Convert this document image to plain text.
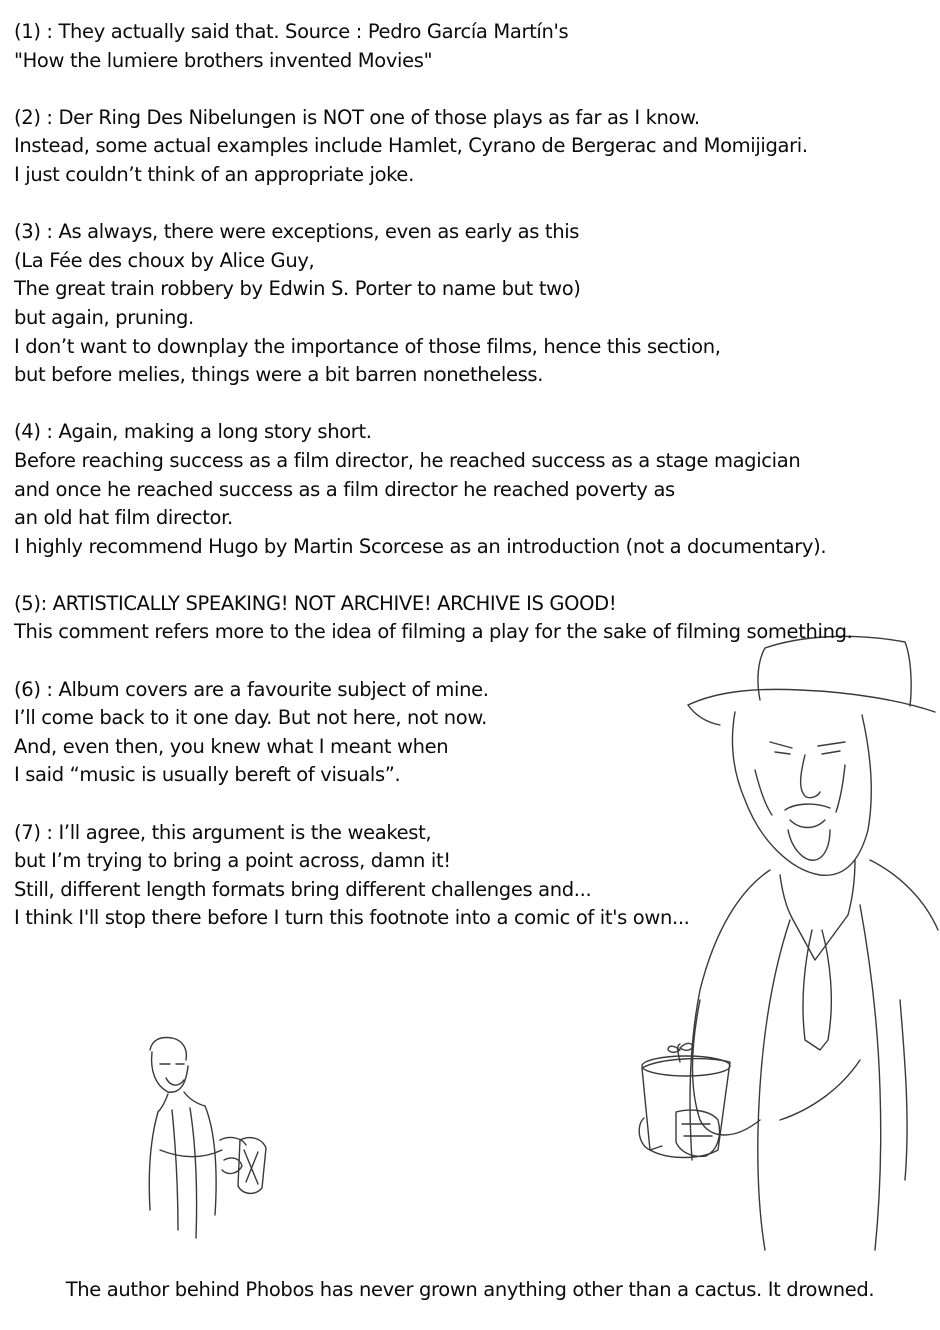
(1) : They actually said that. Source : Pedro García Martín's
"How the lumiere brothers invented Movies"
(2) : Der Ring Des Nibelungen is NOT one of those plays as far as I know.
Instead, some actual examples include Hamlet, Cyrano de Bergerac and Momijigari.
I just couldn’t think of an appropriate joke.
(3) : As always, there were exceptions, even as early as this
(La Fée des choux by Alice Guy,
The great train robbery by Edwin S. Porter to name but two)
but again, pruning.
I don’t want to downplay the importance of those films, hence this section,
but before melies, things were a bit barren nonetheless.
(4) : Again, making a long story short.
Before reaching success as a film director, he reached success as a stage magician
and once he reached success as a film director he reached poverty as
an old hat film director.
I highly recommend Hugo by Martin Scorcese as an introduction (not a documentary).
(5): ARTISTICALLY SPEAKING! NOT ARCHIVE! ARCHIVE IS GOOD!
This comment refers more to the idea of filming a play for the sake of filming something.
(6) : Album covers are a favourite subject of mine.
I’ll come back to it one day. But not here, not now.
And, even then, you knew what I meant when
I said “music is usually bereft of visuals”.
(7) : I’ll agree, this argument is the weakest,
but I’m trying to bring a point across, damn it!
Still, different length formats bring different challenges and...
I think I'll stop there before I turn this footnote into a comic of it's own...
The author behind Phobos has never grown anything other than a cactus. It drowned.
